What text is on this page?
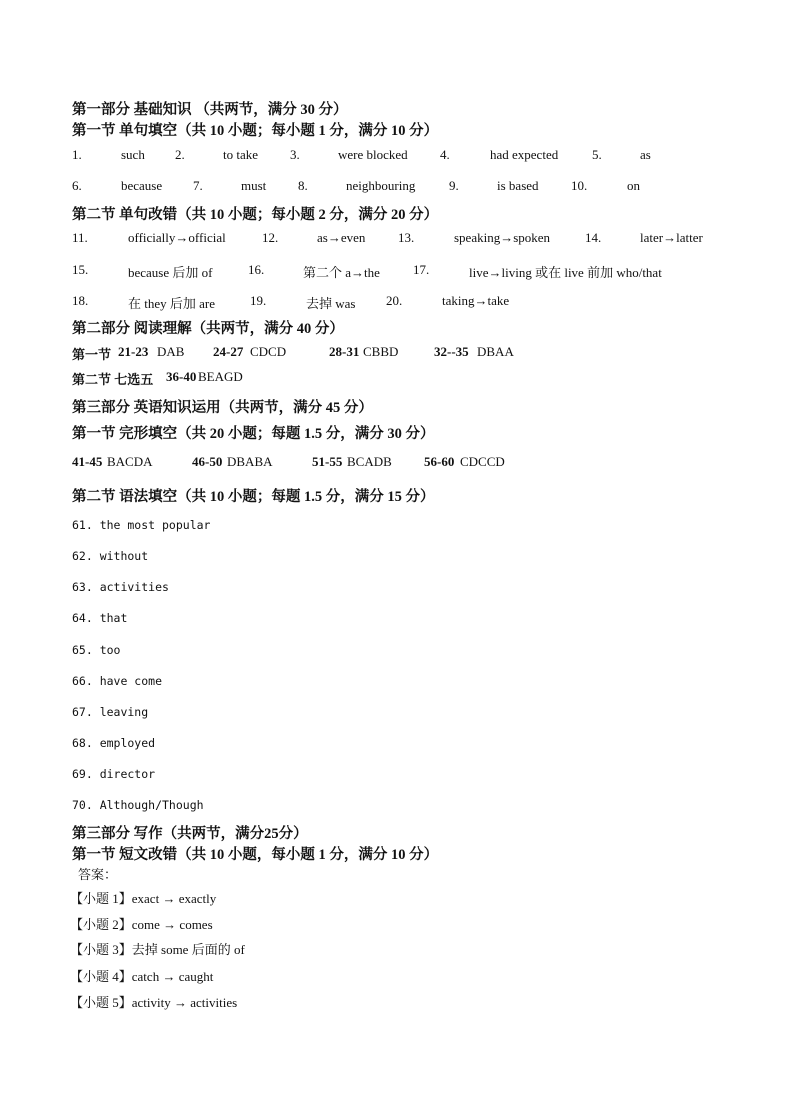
第一部分 基础知识 （共两节，满分 30 分）
第一节 单句填空（共 10 小题；每小题 1 分，满分 10 分）
1.	such 2.	to take 3.	were blocked 4.	had expected	5.	as
6.	because 7.	must 8.	neighbouring	9.	is based 10.	on
第二节 单句改错（共 10 小题；每小题 2 分，满分 20 分）
11.	officially→official	12.	as→even	13.	speaking→spoken	14.	later→latter
15.	because 后加 of	16.	第二个 a→the	17.	live→living 或在 live 前加 who/that
18.	在 they 后加 are	19.	去掉 was 20.	taking→take
第二部分 阅读理解（共两节，满分 40 分）
第一节 21-23 DAB 24-27 CDCD	28-31 CBBD	32--35 DBAA
第二节 七选五 36-40 BEAGD
第三部分 英语知识运用（共两节，满分 45 分）
第一节 完形填空（共 20 小题；每题 1.5 分，满分 30 分）
41-45 BACDA	46-50 DBABA	51-55 BCADB 56-60 CDCCD
第二节 语法填空（共 10 小题；每题 1.5 分，满分 15 分）
61. the most popular
62. without
63. activities
64. that
65. too
66. have come
67. leaving
68. employed
69. director
70. Although/Though
第三部分 写作（共两节，满分25分）
第一节 短文改错（共 10 小题，每小题 1 分，满分 10 分）
答案：
【小题 1】exact → exactly
【小题 2】come → comes
【小题 3】去掉 some 后面的 of
【小题 4】catch → caught
【小题 5】activity → activities
